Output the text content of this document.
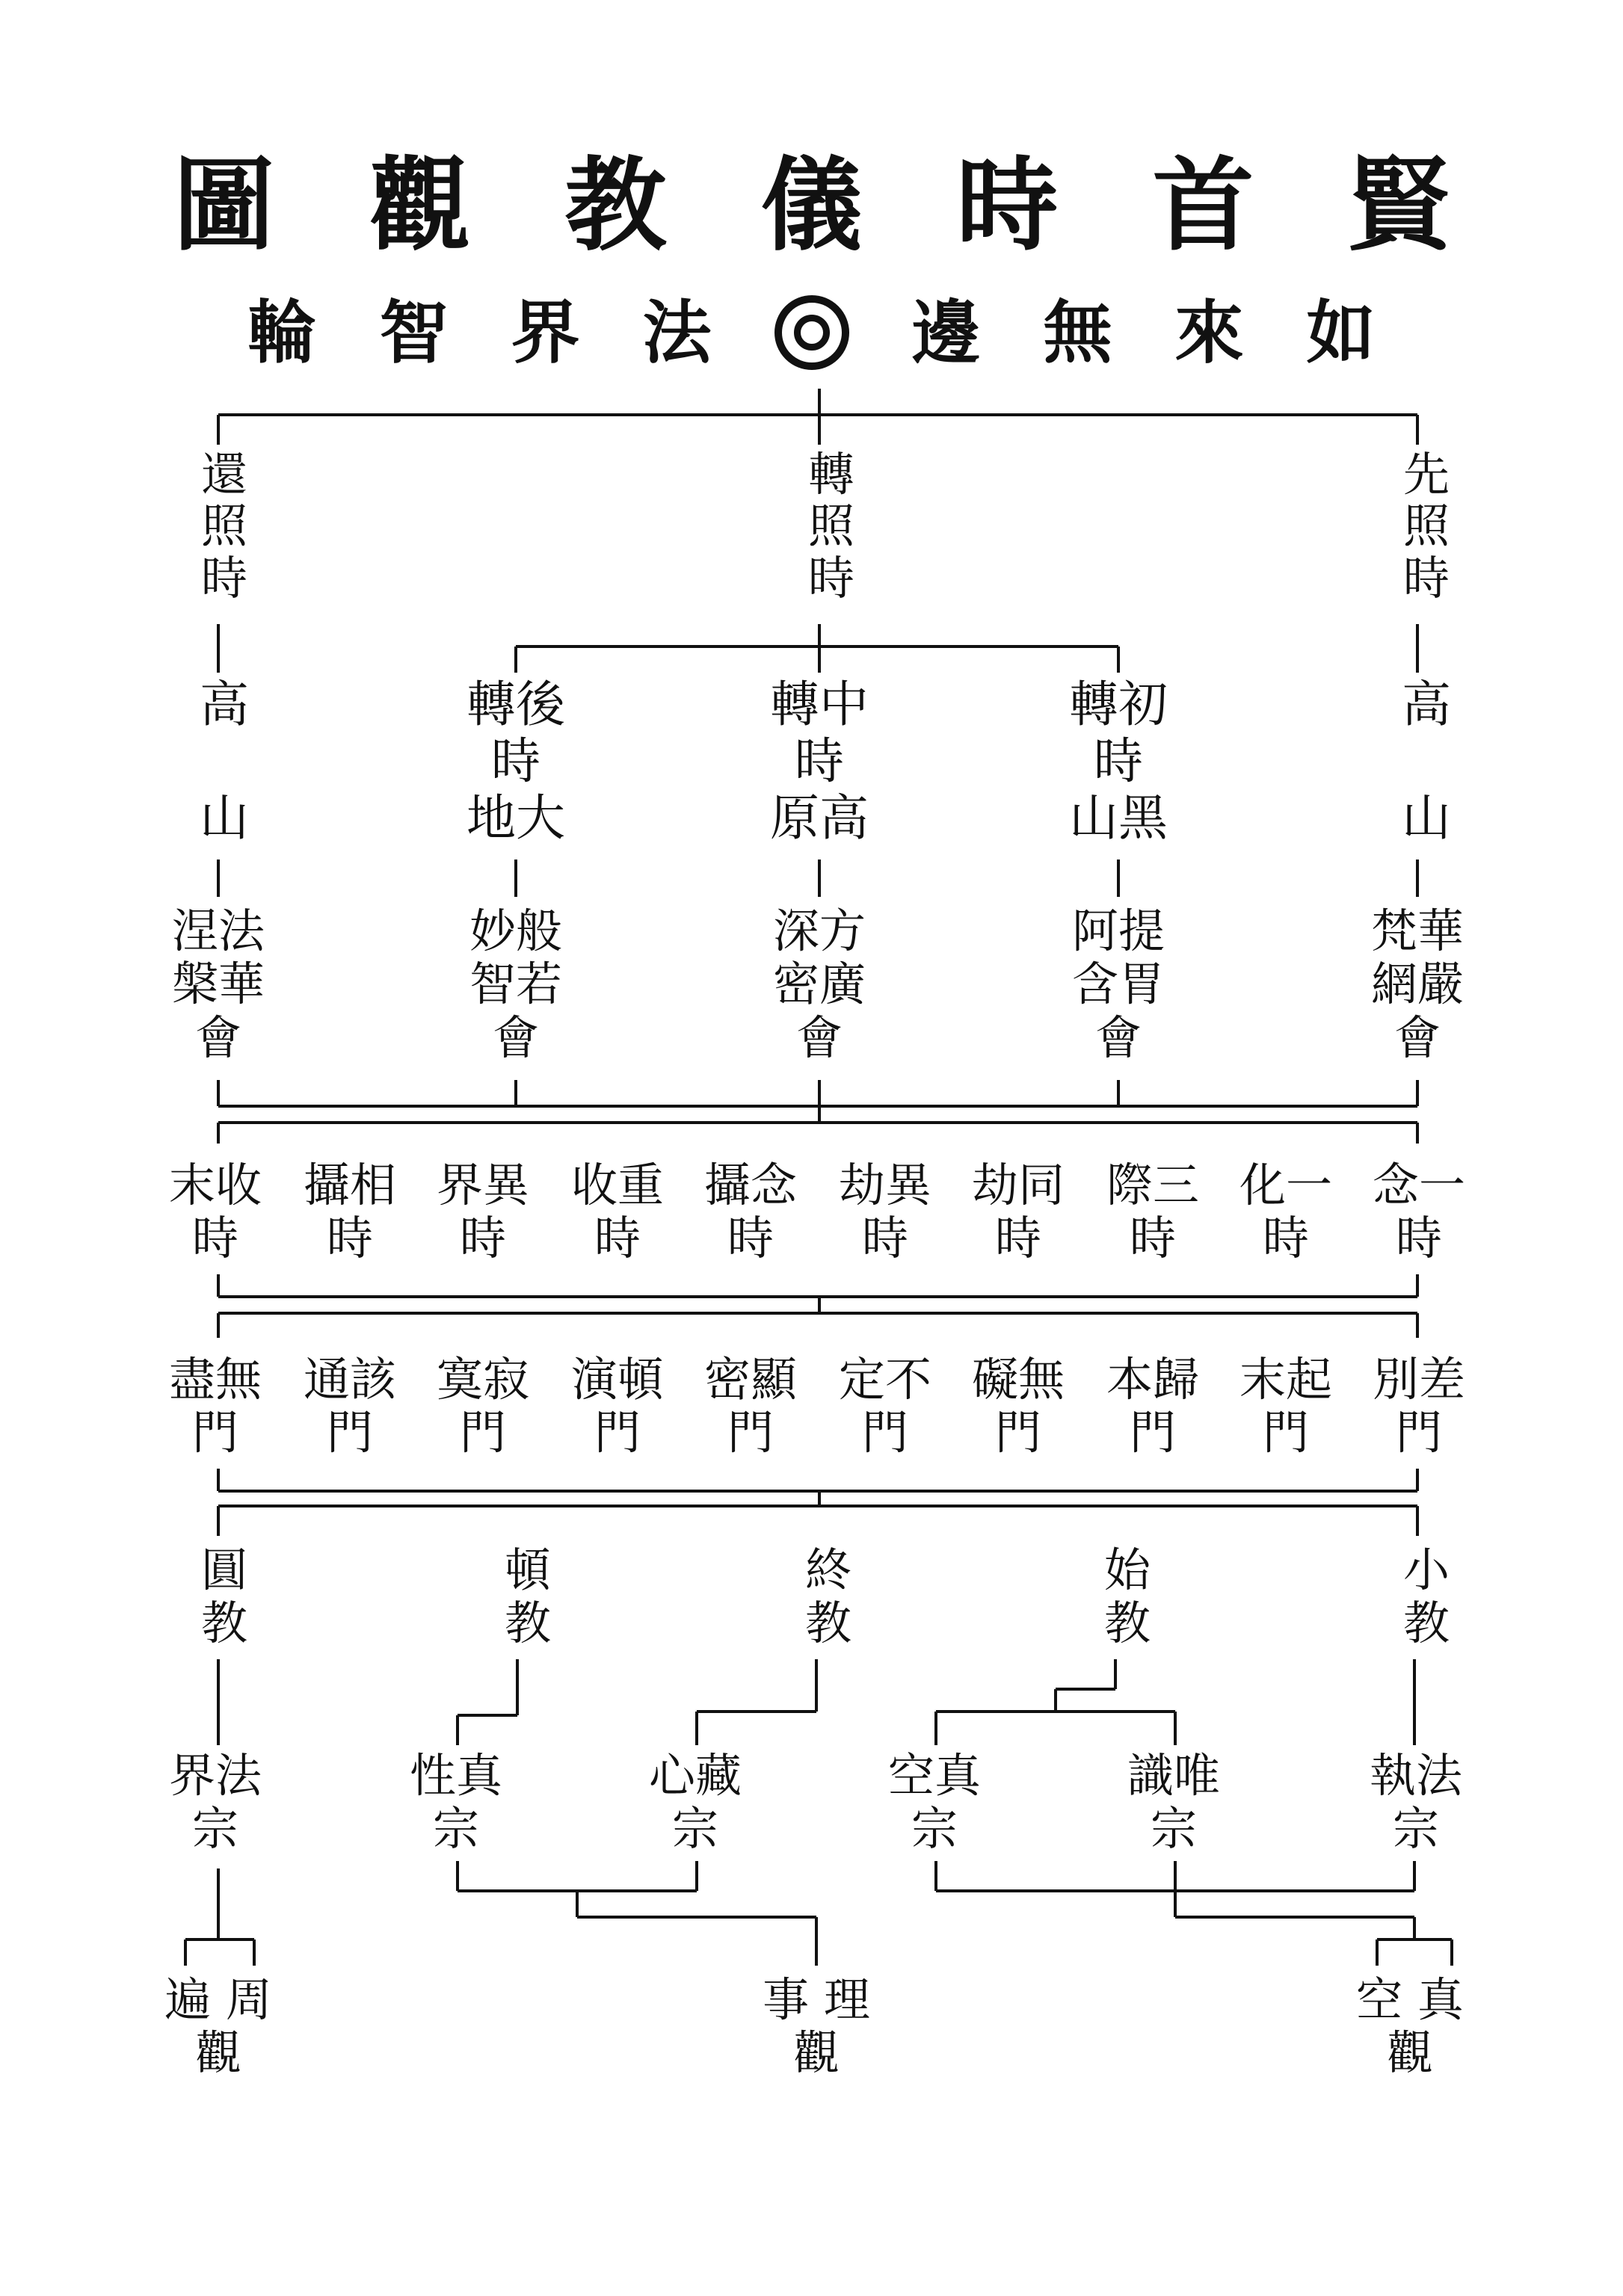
圖 觀 教 儀 時 首 賢
輪 智 界 法	邊 無 來 如
還照時
轉照時
先照時
高

山
高

山
轉後
時
地大
轉中
時
原高
轉初
時
山黑
涅法
槃華
會
妙般
智若
會
深方
密廣
會
阿提
含胃
會
梵華
網嚴
會
末收
時
攝相
時
界異
時
收重
時
攝念
時
劫異
時
劫同
時
際三
時
化一
時
念一
時
盡無
門
通該
門
寞寂
門
演頓
門
密顯
門
定不
門
礙無
門
本歸
門
末起
門
別差
門
圓
教
頓
教
終
教
始
教
小
教
界法
宗
性真
宗
心藏
宗
空真
宗
識唯
宗
執法
宗
遍 周
觀
事 理
觀
空 真
觀
